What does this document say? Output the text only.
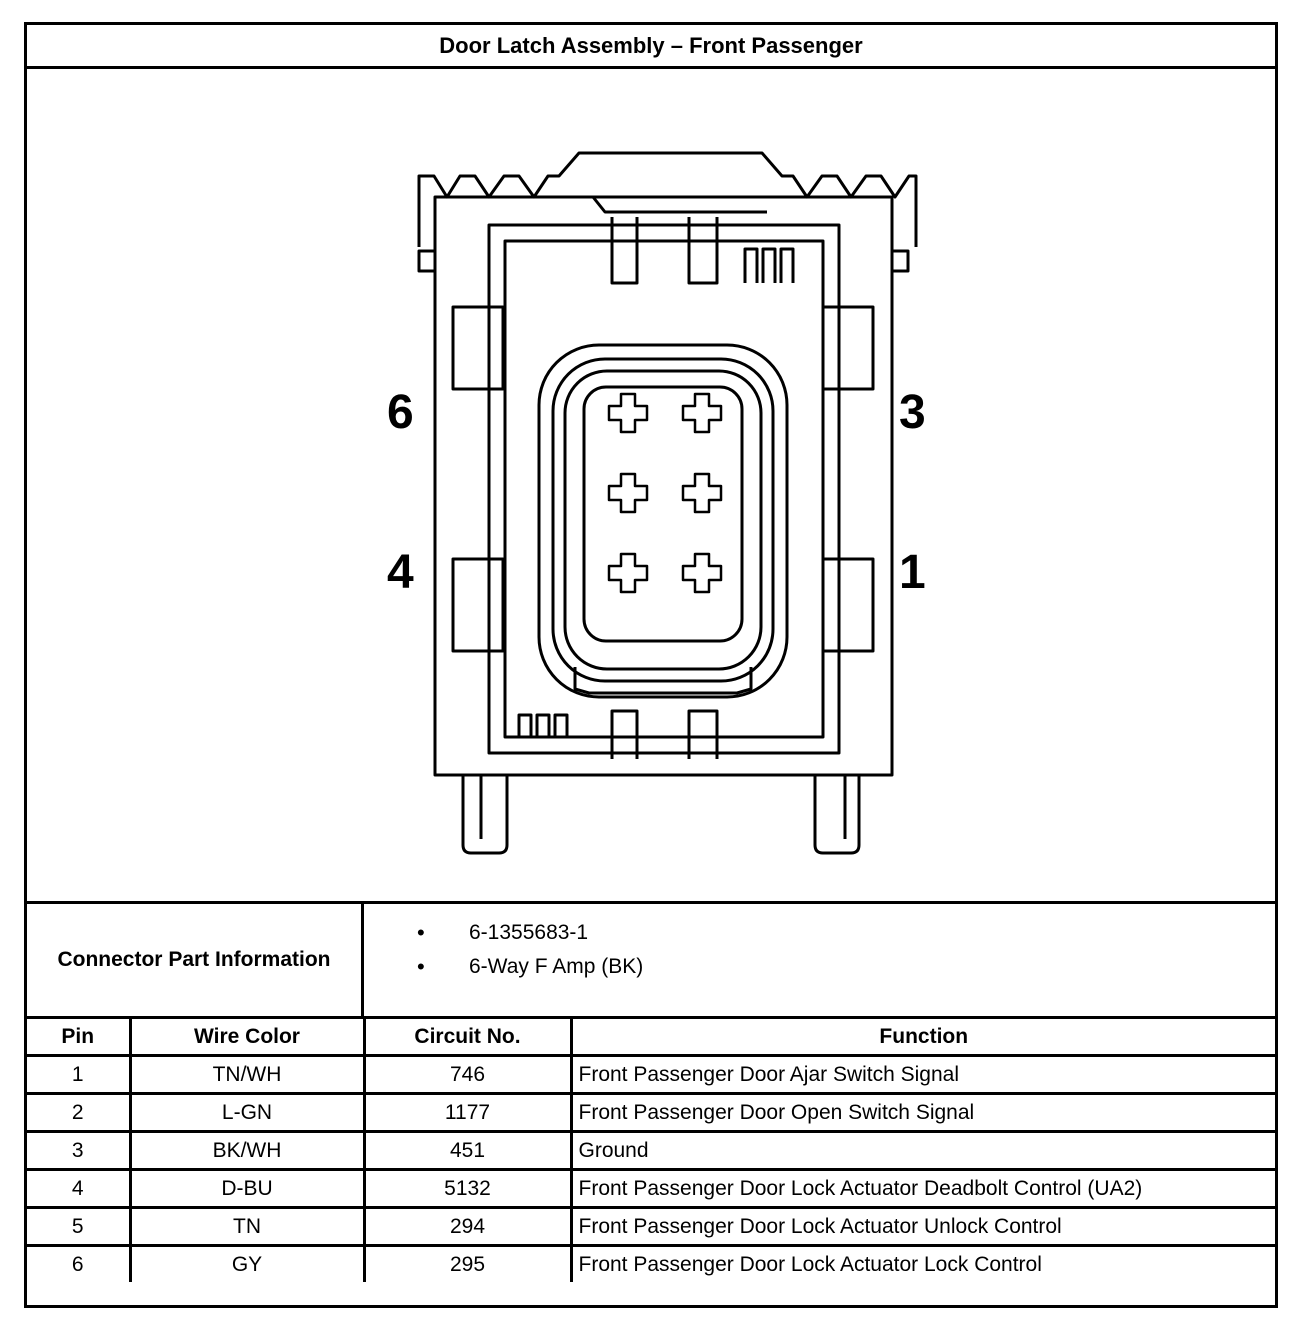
Door Latch Assembly – Front Passenger
6	3
4	1
Connector Part Information
• 6-1355683-1
• 6-Way F Amp (BK)
Pin	Wire Color	Circuit No.	Function
1	TN/WH	746	Front Passenger Door Ajar Switch Signal
2	L-GN	1177	Front Passenger Door Open Switch Signal
3	BK/WH	451	Ground
4	D-BU	5132	Front Passenger Door Lock Actuator Deadbolt Control (UA2)
5	TN	294	Front Passenger Door Lock Actuator Unlock Control
6	GY	295	Front Passenger Door Lock Actuator Lock Control
